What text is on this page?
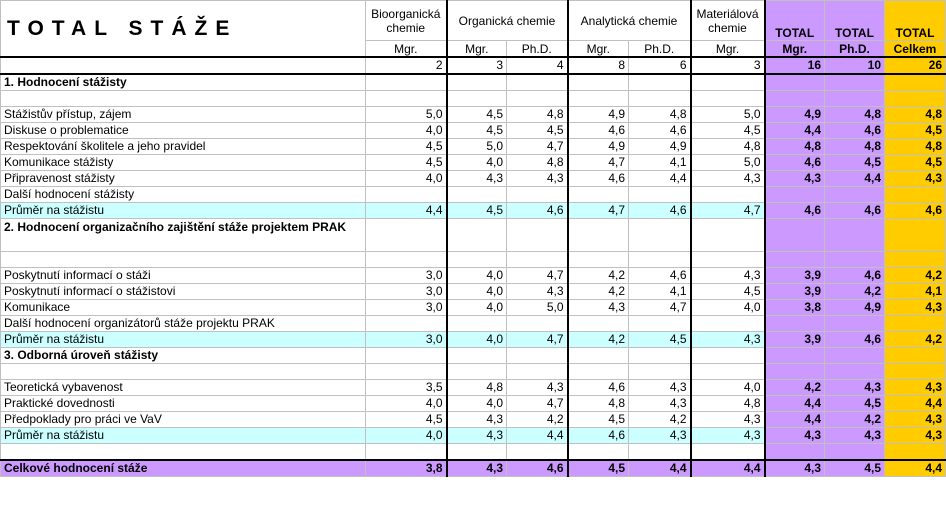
TOTAL STÁŽE	Bioorganická chemie	Organická chemie		Analytická chemie		Materiálová chemie	TOTAL	TOTAL	TOTAL
	Mgr.	Mgr.	Ph.D.	Mgr.	Ph.D.	Mgr.	Mgr.	Ph.D.	Celkem
	2	3	4	8	6	3	16	10	26
1. Hodnocení stážisty									

Stážistův přístup, zájem	5,0	4,5	4,8	4,9	4,8	5,0	4,9	4,8	4,8
Diskuse o problematice	4,0	4,5	4,5	4,6	4,6	4,5	4,4	4,6	4,5
Respektování školitele a jeho pravidel	4,5	5,0	4,7	4,9	4,9	4,8	4,8	4,8	4,8
Komunikace stážisty	4,5	4,0	4,8	4,7	4,1	5,0	4,6	4,5	4,5
Připravenost stážisty	4,0	4,3	4,3	4,6	4,4	4,3	4,3	4,4	4,3
Další hodnocení stážisty									
Průměr na stážistu	4,4	4,5	4,6	4,7	4,6	4,7	4,6	4,6	4,6
2. Hodnocení organizačního zajištění stáže projektem PRAK									

Poskytnutí informací o stáži	3,0	4,0	4,7	4,2	4,6	4,3	3,9	4,6	4,2
Poskytnutí informací o stážistovi	3,0	4,0	4,3	4,2	4,1	4,5	3,9	4,2	4,1
Komunikace	3,0	4,0	5,0	4,3	4,7	4,0	3,8	4,9	4,3
Další hodnocení organizátorů stáže projektu PRAK									
Průměr na stážistu	3,0	4,0	4,7	4,2	4,5	4,3	3,9	4,6	4,2
3. Odborná úroveň stážisty									

Teoretická vybavenost	3,5	4,8	4,3	4,6	4,3	4,0	4,2	4,3	4,3
Praktické dovednosti	4,0	4,0	4,7	4,8	4,3	4,8	4,4	4,5	4,4
Předpoklady pro práci ve VaV	4,5	4,3	4,2	4,5	4,2	4,3	4,4	4,2	4,3
Průměr na stážistu	4,0	4,3	4,4	4,6	4,3	4,3	4,3	4,3	4,3

Celkové hodnocení stáže	3,8	4,3	4,6	4,5	4,4	4,4	4,3	4,5	4,4
